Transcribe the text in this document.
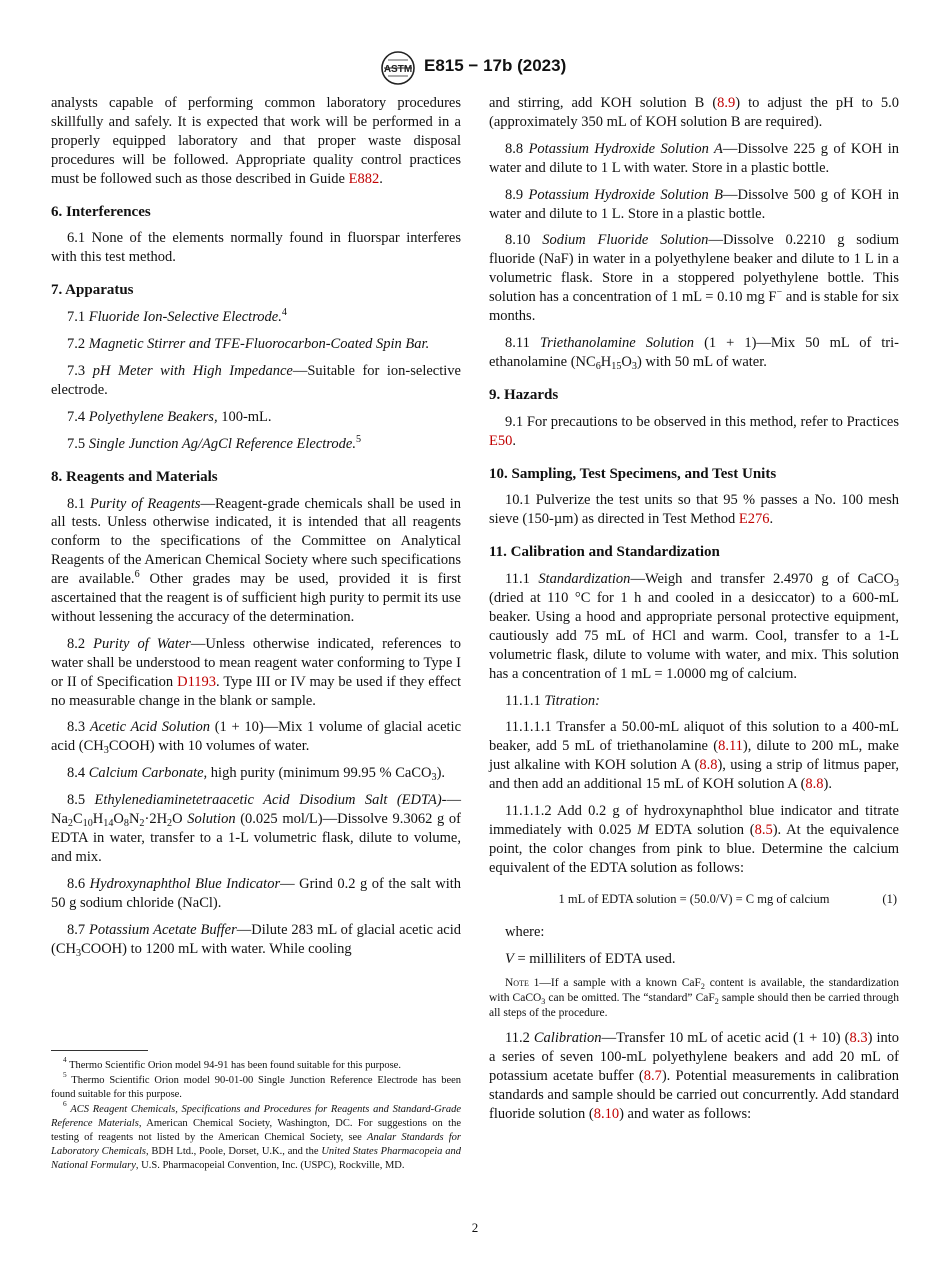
ASTM E815 − 17b (2023)

analysts capable of performing common laboratory procedures skillfully and safely. It is expected that work will be performed in a properly equipped laboratory and that proper waste disposal procedures will be followed. Appropriate quality control practices must be followed such as those described in Guide E882.

6. Interferences

6.1 None of the elements normally found in fluorspar interferes with this test method.

7. Apparatus

7.1 Fluoride Ion-Selective Electrode.$^4$

7.2 Magnetic Stirrer and TFE-Fluorocarbon-Coated Spin Bar.

7.3 pH Meter with High Impedance—Suitable for ion-selective electrode.

7.4 Polyethylene Beakers, 100-mL.

7.5 Single Junction Ag/AgCl Reference Electrode.$^5$

8. Reagents and Materials

8.1 Purity of Reagents—Reagent-grade chemicals shall be used in all tests. Unless otherwise indicated, it is intended that all reagents conform to the specifications of the Committee on Analytical Reagents of the American Chemical Society where such specifications are available.$^6$ Other grades may be used, provided it is first ascertained that the reagent is of sufficient high purity to permit its use without lessening the accuracy of the determination.

8.2 Purity of Water—Unless otherwise indicated, references to water shall be understood to mean reagent water conforming to Type I or II of Specification D1193. Type III or IV may be used if they effect no measurable change in the blank or sample.

8.3 Acetic Acid Solution (1 + 10)—Mix 1 volume of glacial acetic acid $(CH_3COOH)$ with 10 volumes of water.

8.4 Calcium Carbonate, high purity (minimum 99.95 % CaCO$_3$).

8.5 Ethylenediaminetetraacetic Acid Disodium Salt $(EDTA)-—Na_2C_{10}H_{14}O_8N_2\cdot 2H_2O$ Solution (0.025 mol/L)—Dissolve 9.3062 g of EDTA in water, transfer to a 1-L volumetric flask, dilute to volume, and mix.

8.6 Hydroxynaphthol Blue Indicator— Grind 0.2 g of the salt with 50 g sodium chloride (NaCl).

8.7 Potassium Acetate Buffer—Dilute 283 mL of glacial acetic acid $(CH_3COOH)$ to 1200 mL with water. While cooling

$^4$ Thermo Scientific Orion model 94-91 has been found suitable for this purpose.
$^5$ Thermo Scientific Orion model 90-01-00 Single Junction Reference Electrode has been found suitable for this purpose.
$^6$ ACS Reagent Chemicals, Specifications and Procedures for Reagents and Standard-Grade Reference Materials, American Chemical Society, Washington, DC. For suggestions on the testing of reagents not listed by the American Chemical Society, see Analar Standards for Laboratory Chemicals, BDH Ltd., Poole, Dorset, U.K., and the United States Pharmacopeia and National Formulary, U.S. Pharmacopeial Convention, Inc. (USPC), Rockville, MD.

and stirring, add KOH solution B (8.9) to adjust the pH to 5.0 (approximately 350 mL of KOH solution B are required).

8.8 Potassium Hydroxide Solution A—Dissolve 225 g of KOH in water and dilute to 1 L with water. Store in a plastic bottle.

8.9 Potassium Hydroxide Solution B—Dissolve 500 g of KOH in water and dilute to 1 L. Store in a plastic bottle.

8.10 Sodium Fluoride Solution—Dissolve 0.2210 g sodium fluoride (NaF) in water in a polyethylene beaker and dilute to 1 L in a volumetric flask. Store in a stoppered polyethylene bottle. This solution has a concentration of 1 mL = 0.10 mg F− and is stable for six months.

8.11 Triethanolamine Solution (1 + 1)—Mix 50 mL of tri-ethanolamine $(NC_6H_{15}O_3)$ with 50 mL of water.

9. Hazards

9.1 For precautions to be observed in this method, refer to Practices E50.

10. Sampling, Test Specimens, and Test Units

10.1 Pulverize the test units so that 95 % passes a No. 100 mesh sieve (150-µm) as directed in Test Method E276.

11. Calibration and Standardization

11.1 Standardization—Weigh and transfer 2.4970 g of CaCO$_3$ (dried at 110 °C for 1 h and cooled in a desiccator) to a 600-mL beaker. Using a hood and appropriate personal protective equipment, cautiously add 75 mL of HCl and warm. Cool, transfer to a 1-L volumetric flask, dilute to volume with water, and mix. This solution has a concentration of 1 mL = 1.0000 mg of calcium.

11.1.1 Titration:

11.1.1.1 Transfer a 50.00-mL aliquot of this solution to a 400-mL beaker, add 5 mL of triethanolamine (8.11), dilute to 200 mL, make just alkaline with KOH solution A (8.8), using a strip of litmus paper, and then add an additional 15 mL of KOH solution A (8.8).

11.1.1.2 Add 0.2 g of hydroxynaphthol blue indicator and titrate immediately with 0.025 M EDTA solution (8.5). At the equivalence point, the color changes from pink to blue. Determine the calcium equivalent of the EDTA solution as follows:

1 mL of EDTA solution = (50.0/V) = C mg of calcium	(1)

where:

V = milliliters of EDTA used.

Note 1—If a sample with a known CaF$_2$ content is available, the standardization with CaCO$_3$ can be omitted. The “standard” CaF$_2$ sample should then be carried through all steps of the procedure.

11.2 Calibration—Transfer 10 mL of acetic acid (1 + 10) (8.3) into a series of seven 100-mL polyethylene beakers and add 20 mL of potassium acetate buffer (8.7). Potential measurements in calibration standards and sample should be carried out concurrently. Add standard fluoride solution (8.10) and water as follows:

2
